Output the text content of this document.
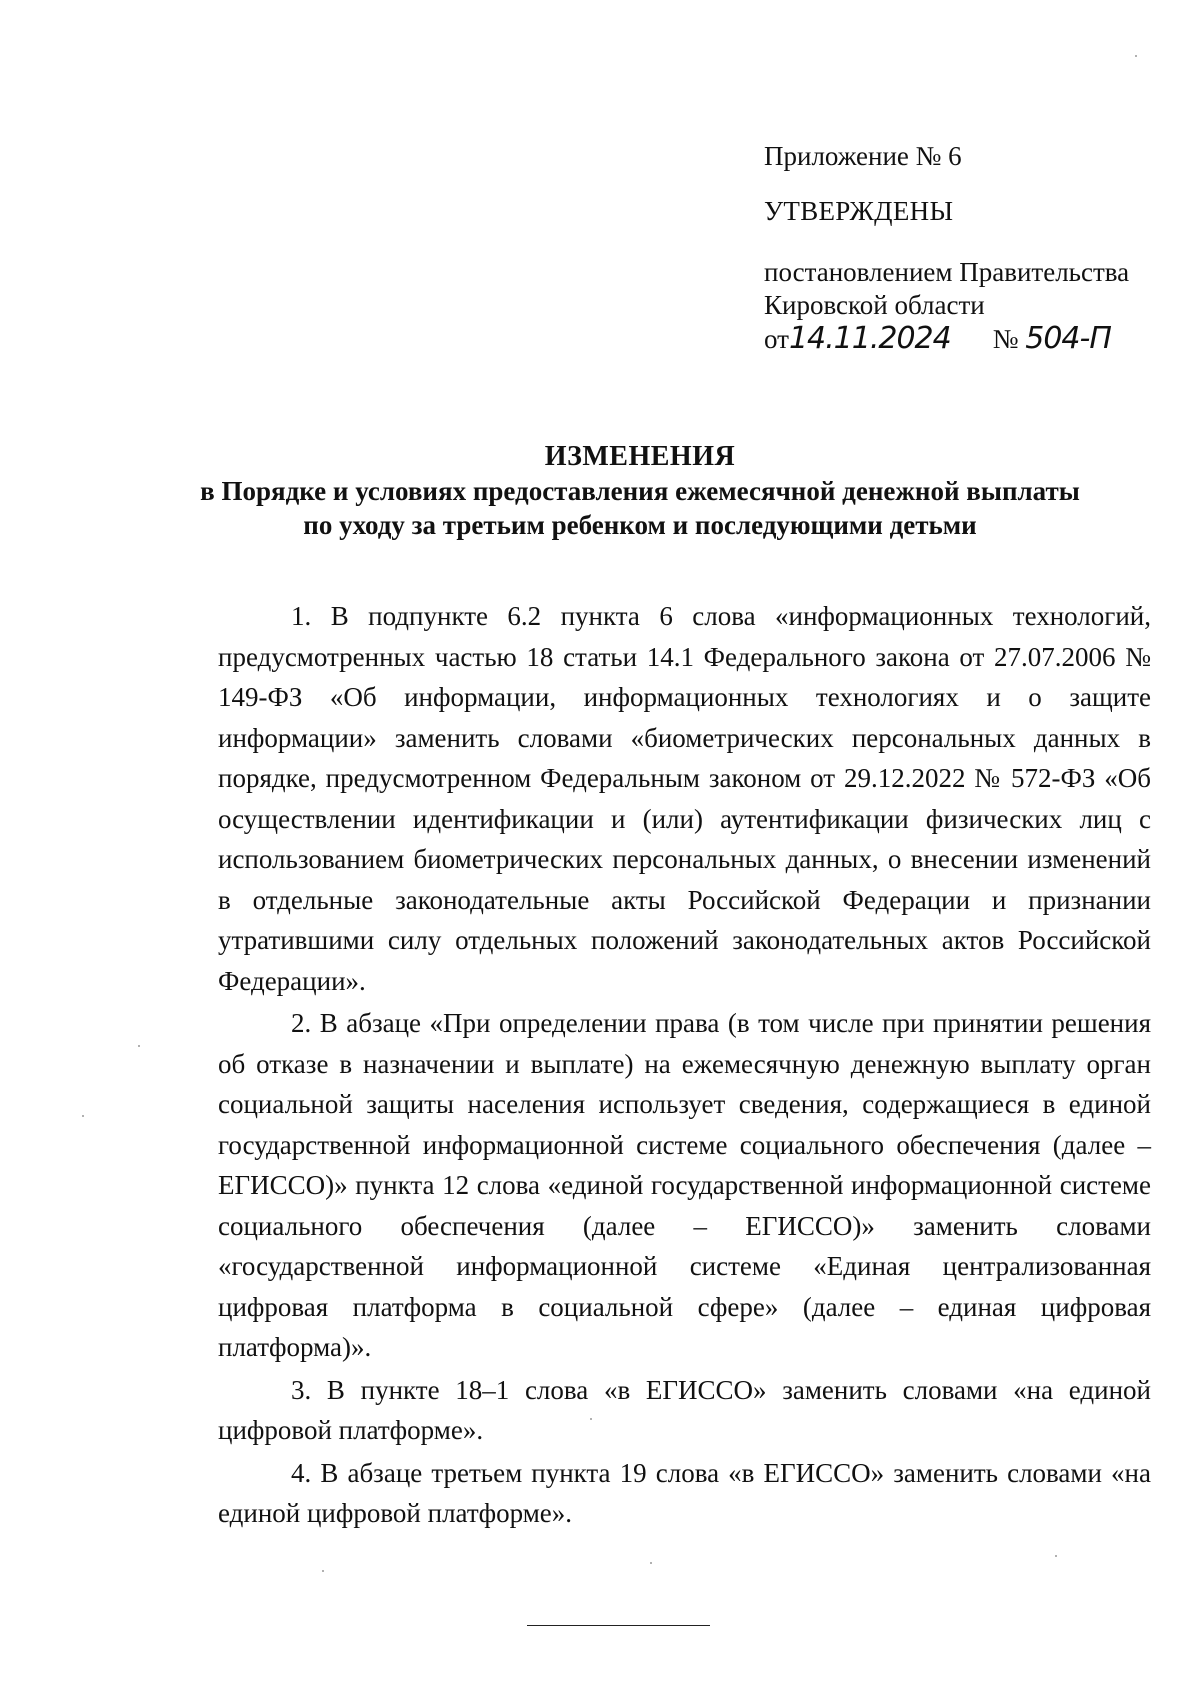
Приложение № 6
УТВЕРЖДЕНЫ
постановлением Правительства
Кировской области
от14.11.2024 № 504-П
ИЗМЕНЕНИЯ
в Порядке и условиях предоставления ежемесячной денежной выплаты
по уходу за третьим ребенком и последующими детьми

1. В подпункте 6.2 пункта 6 слова «информационных технологий, предусмотренных частью 18 статьи 14.1 Федерального закона от 27.07.2006 № 149-ФЗ «Об информации, информационных технологиях и о защите информации» заменить словами «биометрических персональных данных в порядке, предусмотренном Федеральным законом от 29.12.2022 № 572-ФЗ «Об осуществлении идентификации и (или) аутентификации физических лиц с использованием биометрических персональных данных, о внесении изменений в отдельные законодательные акты Российской Федерации и признании утратившими силу отдельных положений законодательных актов Российской Федерации».

2. В абзаце «При определении права (в том числе при принятии решения об отказе в назначении и выплате) на ежемесячную денежную выплату орган социальной защиты населения использует сведения, содержащиеся в единой государственной информационной системе социального обеспечения (далее – ЕГИССО)» пункта 12 слова «единой государственной информационной системе социального обеспечения (далее – ЕГИССО)» заменить словами «государственной информационной системе «Единая централизованная цифровая платформа в социальной сфере» (далее – единая цифровая платформа)».

3. В пункте 18–1 слова «в ЕГИССО» заменить словами «на единой цифровой платформе».

4. В абзаце третьем пункта 19 слова «в ЕГИССО» заменить словами «на единой цифровой платформе».
